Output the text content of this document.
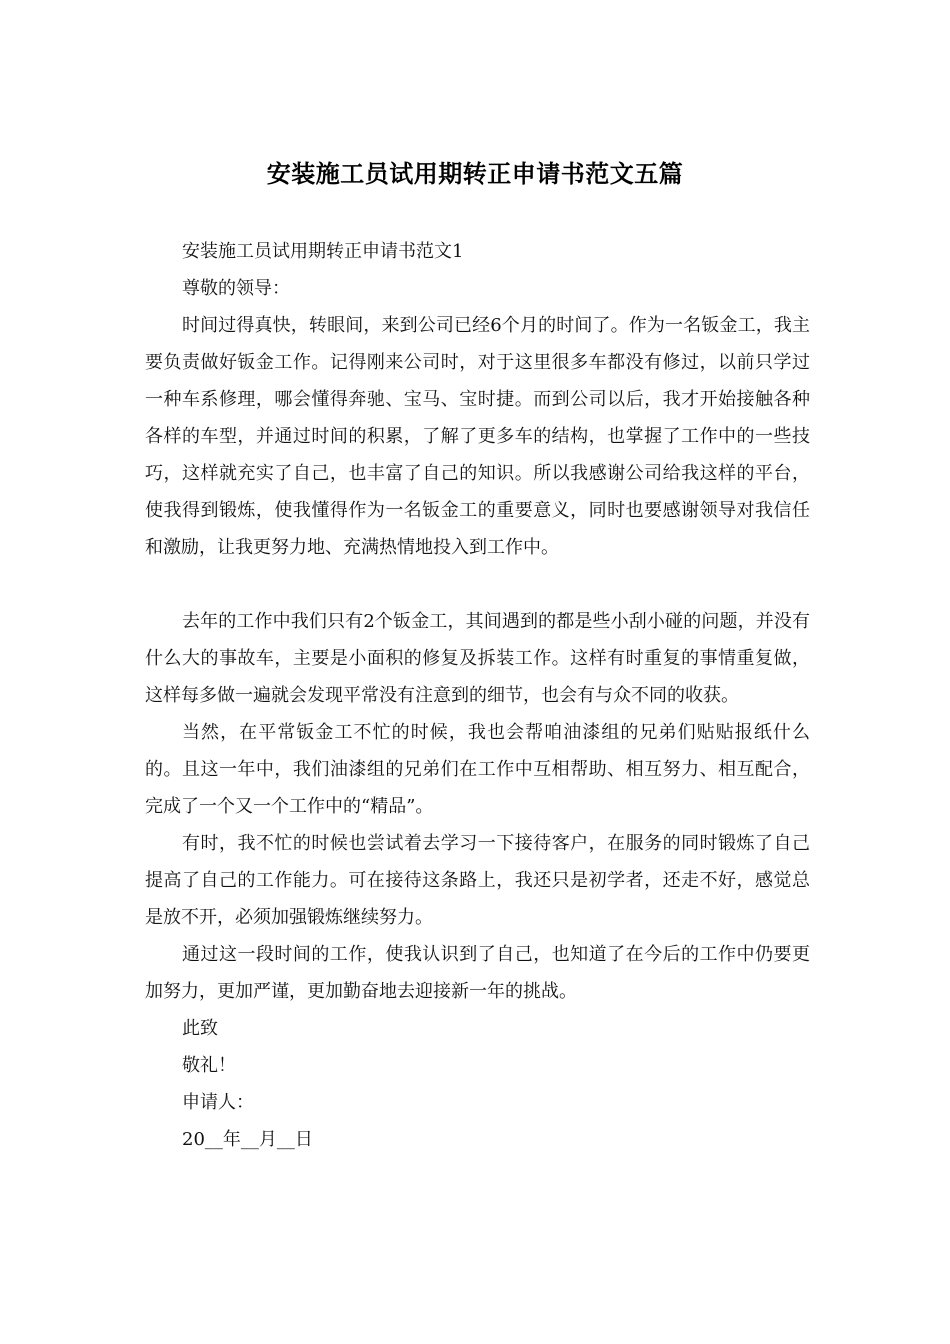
安装施工员试用期转正申请书范文五篇

安装施工员试用期转正申请书范文1

尊敬的领导：

时间过得真快，转眼间，来到公司已经6个月的时间了。作为一名钣金工，我主要负责做好钣金工作。记得刚来公司时，对于这里很多车都没有修过，以前只学过一种车系修理，哪会懂得奔驰、宝马、宝时捷。而到公司以后，我才开始接触各种各样的车型，并通过时间的积累，了解了更多车的结构，也掌握了工作中的一些技巧，这样就充实了自己，也丰富了自己的知识。所以我感谢公司给我这样的平台，使我得到锻炼，使我懂得作为一名钣金工的重要意义，同时也要感谢领导对我信任和激励，让我更努力地、充满热情地投入到工作中。

去年的工作中我们只有2个钣金工，其间遇到的都是些小刮小碰的问题，并没有什么大的事故车，主要是小面积的修复及拆装工作。这样有时重复的事情重复做，这样每多做一遍就会发现平常没有注意到的细节，也会有与众不同的收获。

当然，在平常钣金工不忙的时候，我也会帮咱油漆组的兄弟们贴贴报纸什么的。且这一年中，我们油漆组的兄弟们在工作中互相帮助、相互努力、相互配合，完成了一个又一个工作中的“精品”。

有时，我不忙的时候也尝试着去学习一下接待客户，在服务的同时锻炼了自己提高了自己的工作能力。可在接待这条路上，我还只是初学者，还走不好，感觉总是放不开，必须加强锻炼继续努力。

通过这一段时间的工作，使我认识到了自己，也知道了在今后的工作中仍要更加努力，更加严谨，更加勤奋地去迎接新一年的挑战。

此致

敬礼！

申请人：

20__年__月__日
